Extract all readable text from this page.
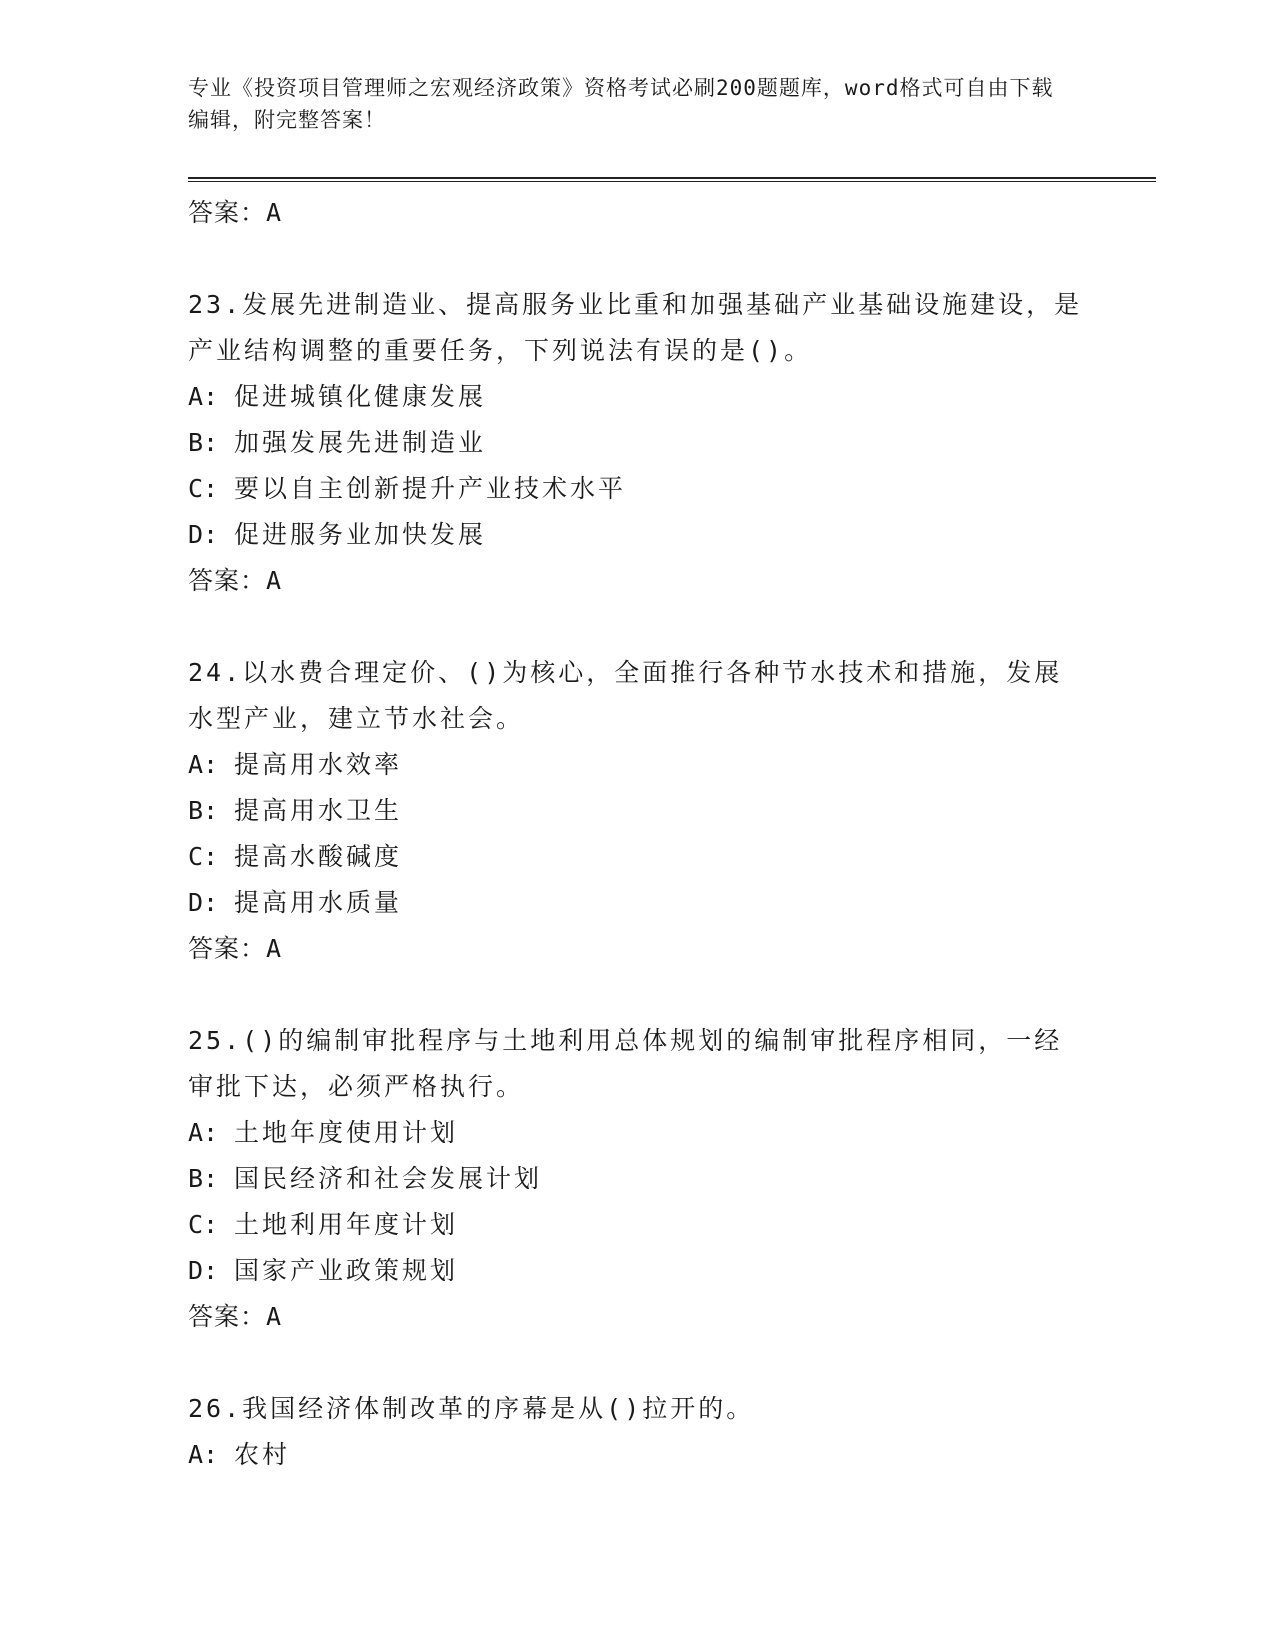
专业《投资项目管理师之宏观经济政策》资格考试必刷200题题库，word格式可自由下载编辑，附完整答案！
答案：A
23.发展先进制造业、提高服务业比重和加强基础产业基础设施建设，是产业结构调整的重要任务，下列说法有误的是()。
A: 促进城镇化健康发展
B: 加强发展先进制造业
C: 要以自主创新提升产业技术水平
D: 促进服务业加快发展
答案：A
24.以水费合理定价、()为核心，全面推行各种节水技术和措施，发展水型产业，建立节水社会。
A: 提高用水效率
B: 提高用水卫生
C: 提高水酸碱度
D: 提高用水质量
答案：A
25.()的编制审批程序与土地利用总体规划的编制审批程序相同，一经审批下达，必须严格执行。
A: 土地年度使用计划
B: 国民经济和社会发展计划
C: 土地利用年度计划
D: 国家产业政策规划
答案：A
26.我国经济体制改革的序幕是从()拉开的。
A: 农村
